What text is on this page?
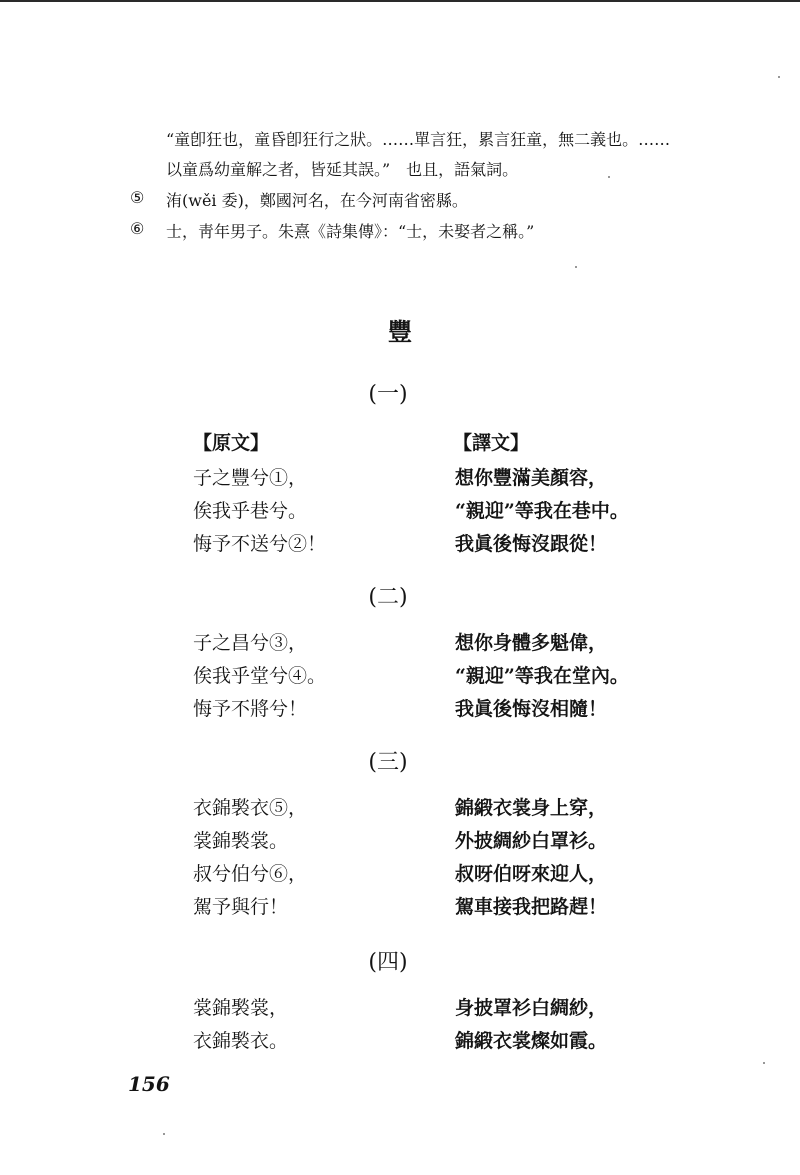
“童卽狂也，童昏卽狂行之狀。……單言狂，累言狂童，無二義也。……
以童爲幼童解之者，皆延其誤。”　也且，語氣詞。
⑤ 洧(wěi 委)，鄭國河名，在今河南省密縣。
⑥ 士，靑年男子。朱熹《詩集傳》：“士，未娶者之稱。”
豐
(一)
【原文】	【譯文】
子之豐兮①，	想你豐滿美顏容，
俟我乎巷兮。	“親迎”等我在巷中。
悔予不送兮②！	我眞後悔沒跟從！
(二)
子之昌兮③，	想你身體多魁偉，
俟我乎堂兮④。	“親迎”等我在堂內。
悔予不將兮！	我眞後悔沒相隨！
(三)
衣錦褧衣⑤，	錦緞衣裳身上穿，
裳錦褧裳。	外披綢紗白罩衫。
叔兮伯兮⑥，	叔呀伯呀來迎人，
駕予與行！	駕車接我把路趕！
(四)
裳錦褧裳，	身披罩衫白綢紗，
衣錦褧衣。	錦緞衣裳燦如霞。
156
